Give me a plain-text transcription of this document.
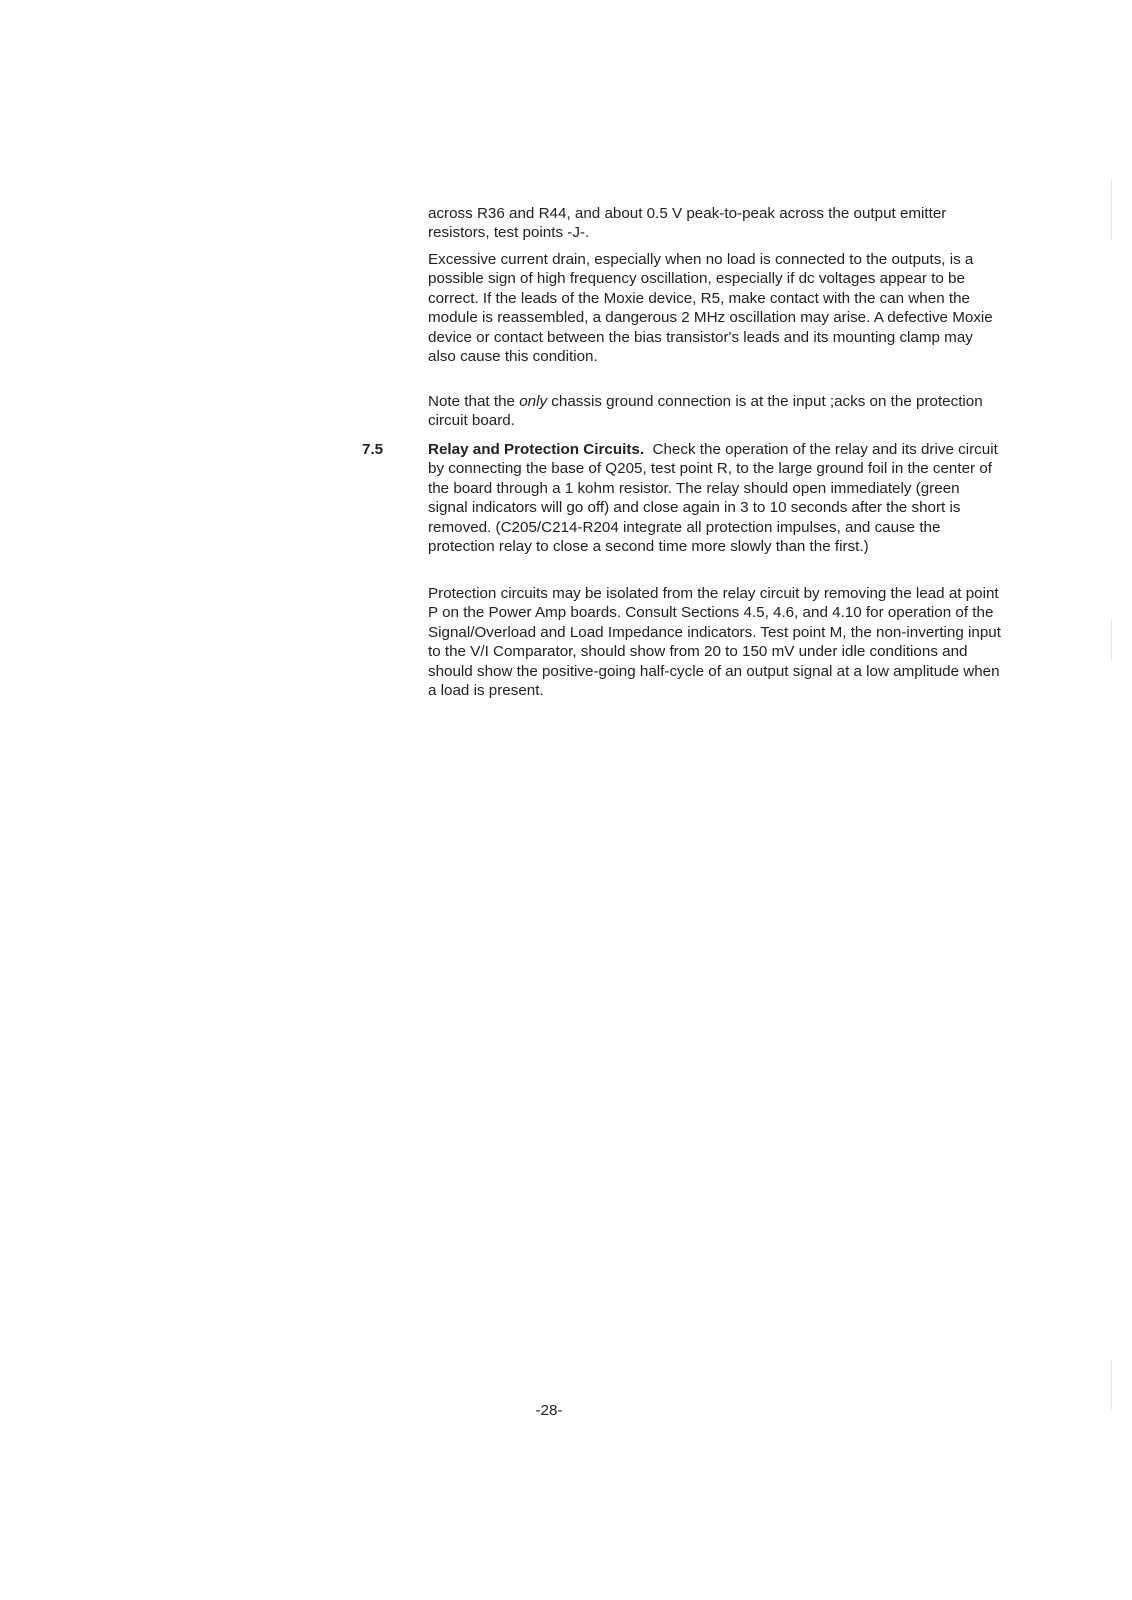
across R36 and R44, and about 0.5 V peak-to-peak across the output emitter resistors, test points -J-.

Excessive current drain, especially when no load is connected to the outputs, is a possible sign of high frequency oscillation, especially if dc voltages appear to be correct. If the leads of the Moxie device, R5, make contact with the can when the module is reassembled, a dangerous 2 MHz oscillation may arise. A defective Moxie device or contact between the bias transistor's leads and its mounting clamp may also cause this condition.

Note that the only chassis ground connection is at the input ;acks on the protection circuit board.

7.5	Relay and Protection Circuits. Check the operation of the relay and its drive circuit by connecting the base of Q205, test point R, to the large ground foil in the center of the board through a 1 kohm resistor. The relay should open immediately (green signal indicators will go off) and close again in 3 to 10 seconds after the short is removed. (C205/C214-R204 integrate all protection impulses, and cause the protection relay to close a second time more slowly than the first.)

Protection circuits may be isolated from the relay circuit by removing the lead at point P on the Power Amp boards. Consult Sections 4.5, 4.6, and 4.10 for operation of the Signal/Overload and Load Impedance indicators. Test point M, the non-inverting input to the V/I Comparator, should show from 20 to 150 mV under idle conditions and should show the positive-going half-cycle of an output signal at a low amplitude when a load is present.

-28-
